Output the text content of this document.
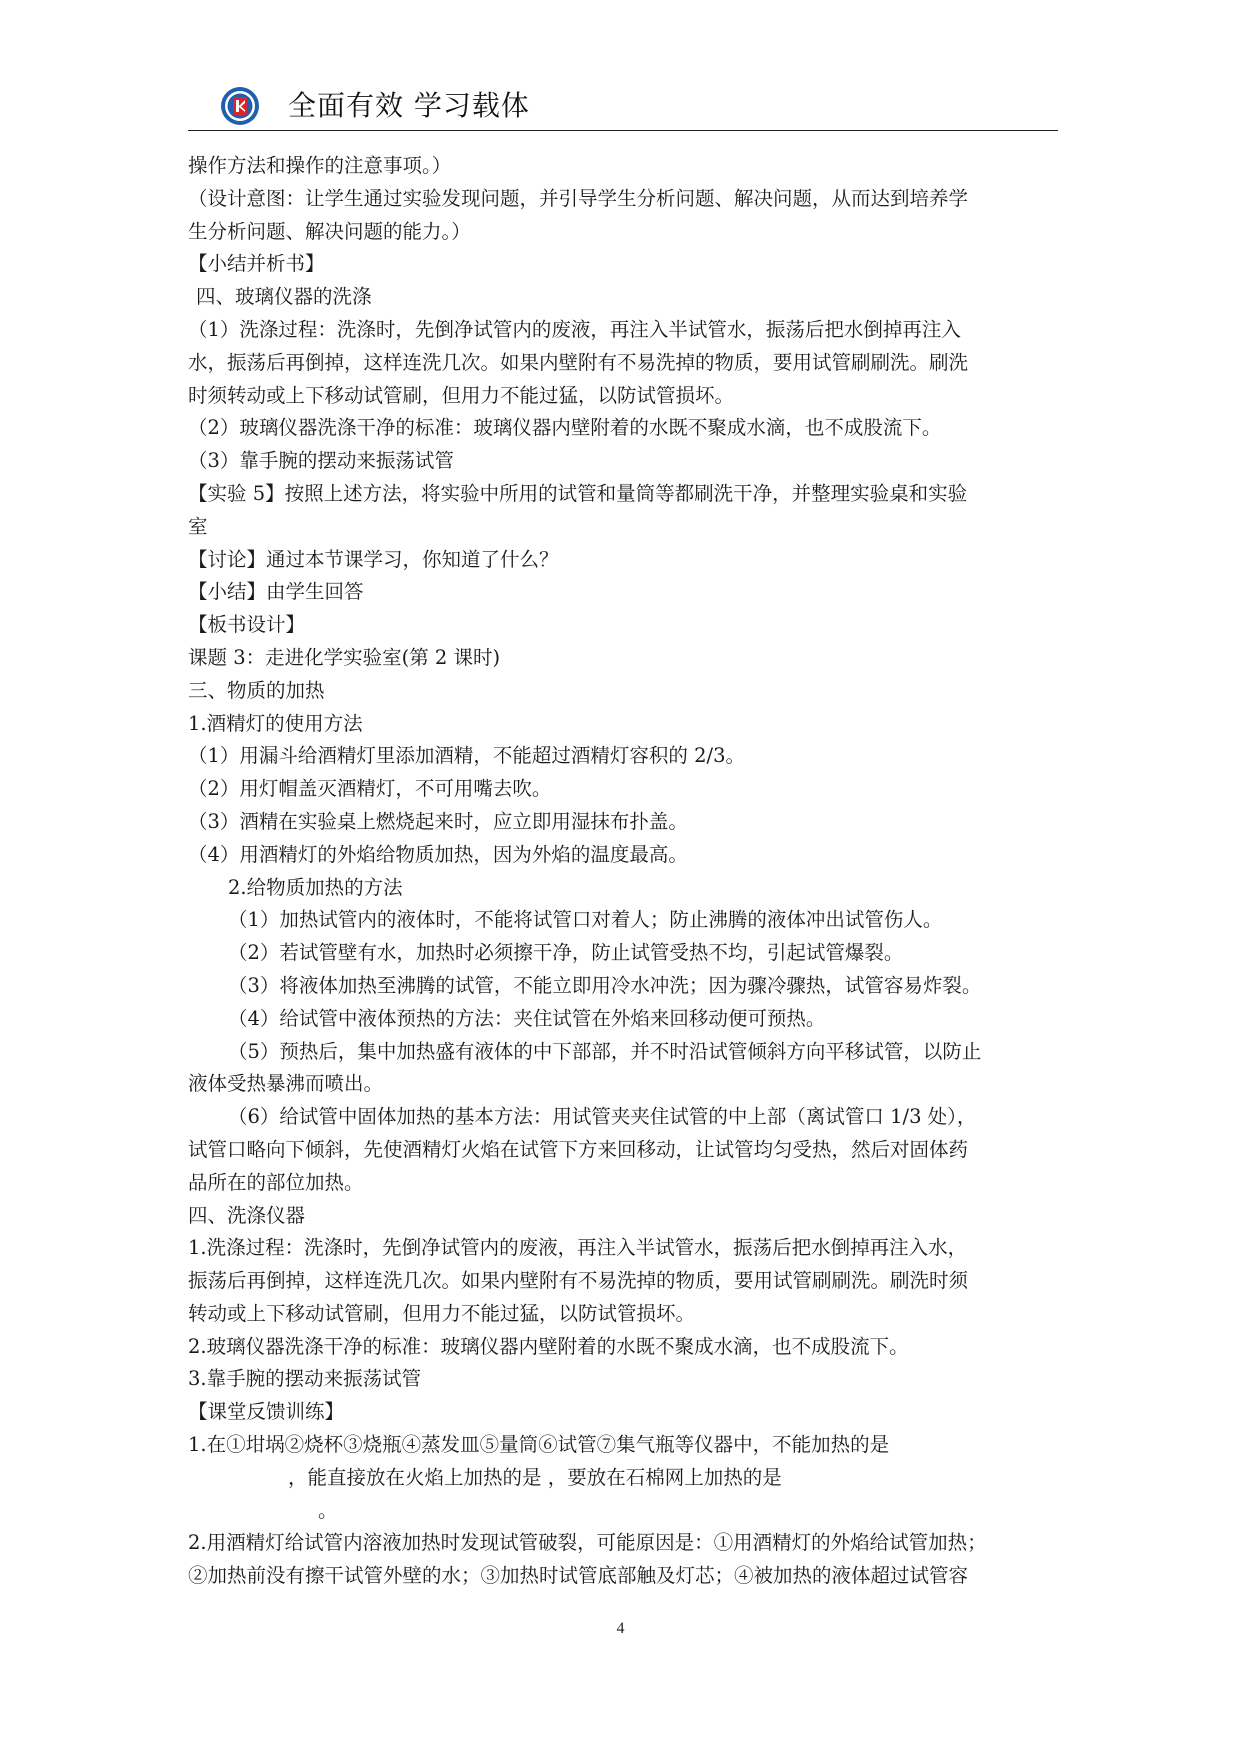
全面有效 学习载体
操作方法和操作的注意事项。）
（设计意图：让学生通过实验发现问题，并引导学生分析问题、解决问题，从而达到培养学
生分析问题、解决问题的能力。）
【小结并析书】
四、玻璃仪器的洗涤
（1）洗涤过程：洗涤时，先倒净试管内的废液，再注入半试管水，振荡后把水倒掉再注入
水，振荡后再倒掉，这样连洗几次。如果内壁附有不易洗掉的物质，要用试管刷刷洗。刷洗
时须转动或上下移动试管刷，但用力不能过猛，以防试管损坏。
（2）玻璃仪器洗涤干净的标准：玻璃仪器内壁附着的水既不聚成水滴，也不成股流下。
（3）靠手腕的摆动来振荡试管
【实验 5】按照上述方法，将实验中所用的试管和量筒等都刷洗干净，并整理实验桌和实验
室
【讨论】通过本节课学习，你知道了什么？
【小结】由学生回答
【板书设计】
课题 3：走进化学实验室(第 2 课时)
三、物质的加热
1.酒精灯的使用方法
（1）用漏斗给酒精灯里添加酒精，不能超过酒精灯容积的 2/3。
（2）用灯帽盖灭酒精灯，不可用嘴去吹。
（3）酒精在实验桌上燃烧起来时，应立即用湿抹布扑盖。
（4）用酒精灯的外焰给物质加热，因为外焰的温度最高。
2.给物质加热的方法
（1）加热试管内的液体时，不能将试管口对着人；防止沸腾的液体冲出试管伤人。
（2）若试管壁有水，加热时必须擦干净，防止试管受热不均，引起试管爆裂。
（3）将液体加热至沸腾的试管，不能立即用冷水冲洗；因为骤冷骤热，试管容易炸裂。
（4）给试管中液体预热的方法：夹住试管在外焰来回移动便可预热。
（5）预热后，集中加热盛有液体的中下部部，并不时沿试管倾斜方向平移试管，以防止
液体受热暴沸而喷出。
（6）给试管中固体加热的基本方法：用试管夹夹住试管的中上部（离试管口 1/3 处），
试管口略向下倾斜，先使酒精灯火焰在试管下方来回移动，让试管均匀受热，然后对固体药
品所在的部位加热。
四、洗涤仪器
1.洗涤过程：洗涤时，先倒净试管内的废液，再注入半试管水，振荡后把水倒掉再注入水，
振荡后再倒掉，这样连洗几次。如果内壁附有不易洗掉的物质，要用试管刷刷洗。刷洗时须
转动或上下移动试管刷，但用力不能过猛，以防试管损坏。
2.玻璃仪器洗涤干净的标准：玻璃仪器内壁附着的水既不聚成水滴，也不成股流下。
3.靠手腕的摆动来振荡试管
【课堂反馈训练】
1.在①坩埚②烧杯③烧瓶④蒸发皿⑤量筒⑥试管⑦集气瓶等仪器中，不能加热的是
，能直接放在火焰上加热的是 ，要放在石棉网上加热的是
。
2.用酒精灯给试管内溶液加热时发现试管破裂，可能原因是：①用酒精灯的外焰给试管加热；
②加热前没有擦干试管外壁的水；③加热时试管底部触及灯芯；④被加热的液体超过试管容
4
